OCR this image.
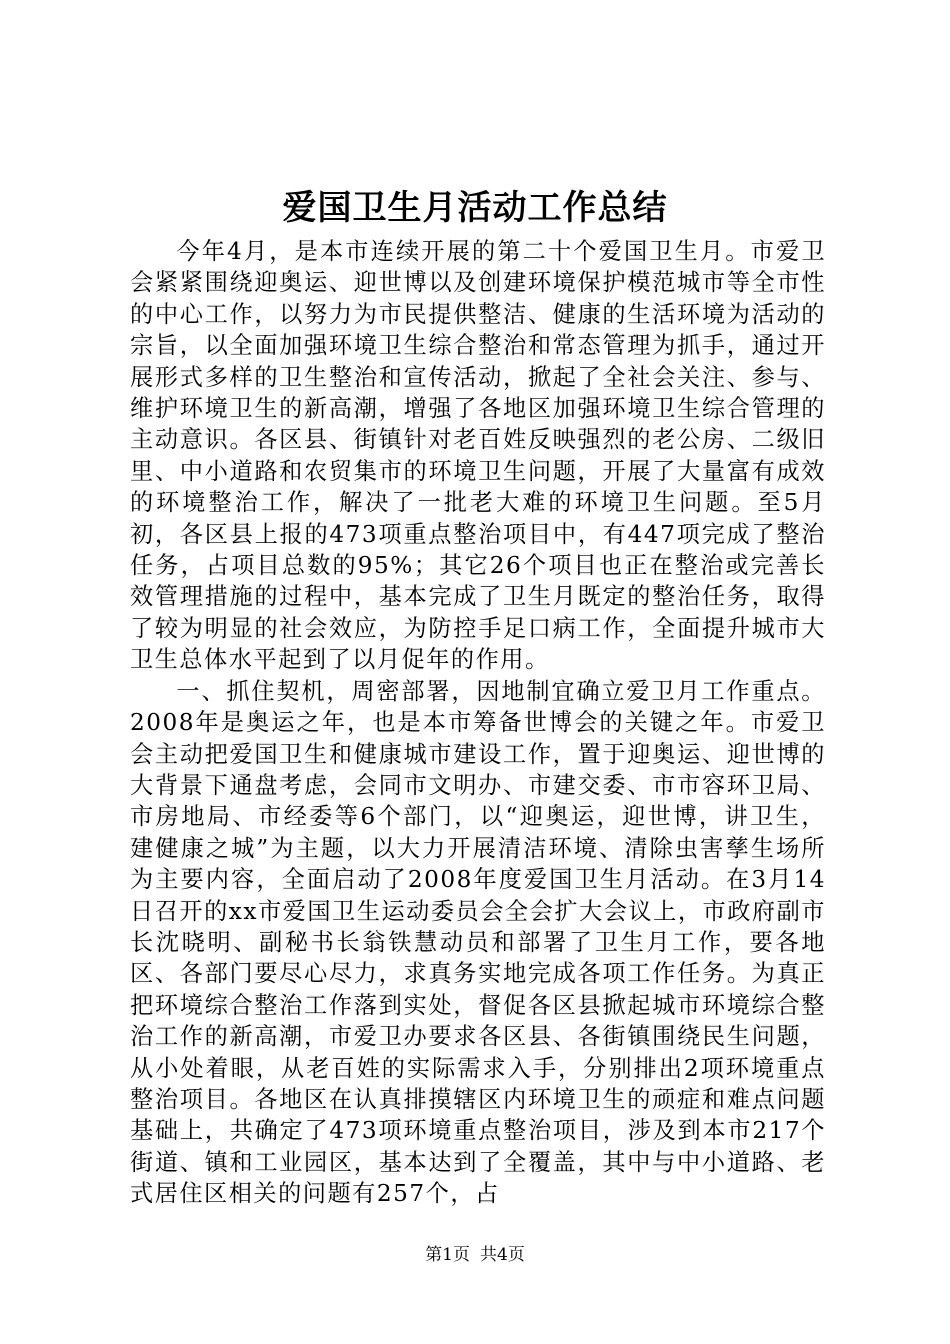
爱国卫生月活动工作总结

今年4月，是本市连续开展的第二十个爱国卫生月。市爱卫会紧紧围绕迎奥运、迎世博以及创建环境保护模范城市等全市性的中心工作，以努力为市民提供整洁、健康的生活环境为活动的宗旨，以全面加强环境卫生综合整治和常态管理为抓手，通过开展形式多样的卫生整治和宣传活动，掀起了全社会关注、参与、维护环境卫生的新高潮，增强了各地区加强环境卫生综合管理的主动意识。各区县、街镇针对老百姓反映强烈的老公房、二级旧里、中小道路和农贸集市的环境卫生问题，开展了大量富有成效的环境整治工作，解决了一批老大难的环境卫生问题。至5月初，各区县上报的473项重点整治项目中，有447项完成了整治任务，占项目总数的95%；其它26个项目也正在整治或完善长效管理措施的过程中，基本完成了卫生月既定的整治任务，取得了较为明显的社会效应，为防控手足口病工作，全面提升城市大卫生总体水平起到了以月促年的作用。

一、抓住契机，周密部署，因地制宜确立爱卫月工作重点。2008年是奥运之年，也是本市筹备世博会的关键之年。市爱卫会主动把爱国卫生和健康城市建设工作，置于迎奥运、迎世博的大背景下通盘考虑，会同市文明办、市建交委、市市容环卫局、市房地局、市经委等6个部门，以“迎奥运，迎世博，讲卫生，建健康之城”为主题，以大力开展清洁环境、清除虫害孳生场所为主要内容，全面启动了2008年度爱国卫生月活动。在3月14日召开的xx市爱国卫生运动委员会全会扩大会议上，市政府副市长沈晓明、副秘书长翁铁慧动员和部署了卫生月工作，要各地区、各部门要尽心尽力，求真务实地完成各项工作任务。为真正把环境综合整治工作落到实处，督促各区县掀起城市环境综合整治工作的新高潮，市爱卫办要求各区县、各街镇围绕民生问题，从小处着眼，从老百姓的实际需求入手，分别排出2项环境重点整治项目。各地区在认真排摸辖区内环境卫生的顽症和难点问题基础上，共确定了473项环境重点整治项目，涉及到本市217个街道、镇和工业园区，基本达到了全覆盖，其中与中小道路、老式居住区相关的问题有257个，占

第1页 共4页
